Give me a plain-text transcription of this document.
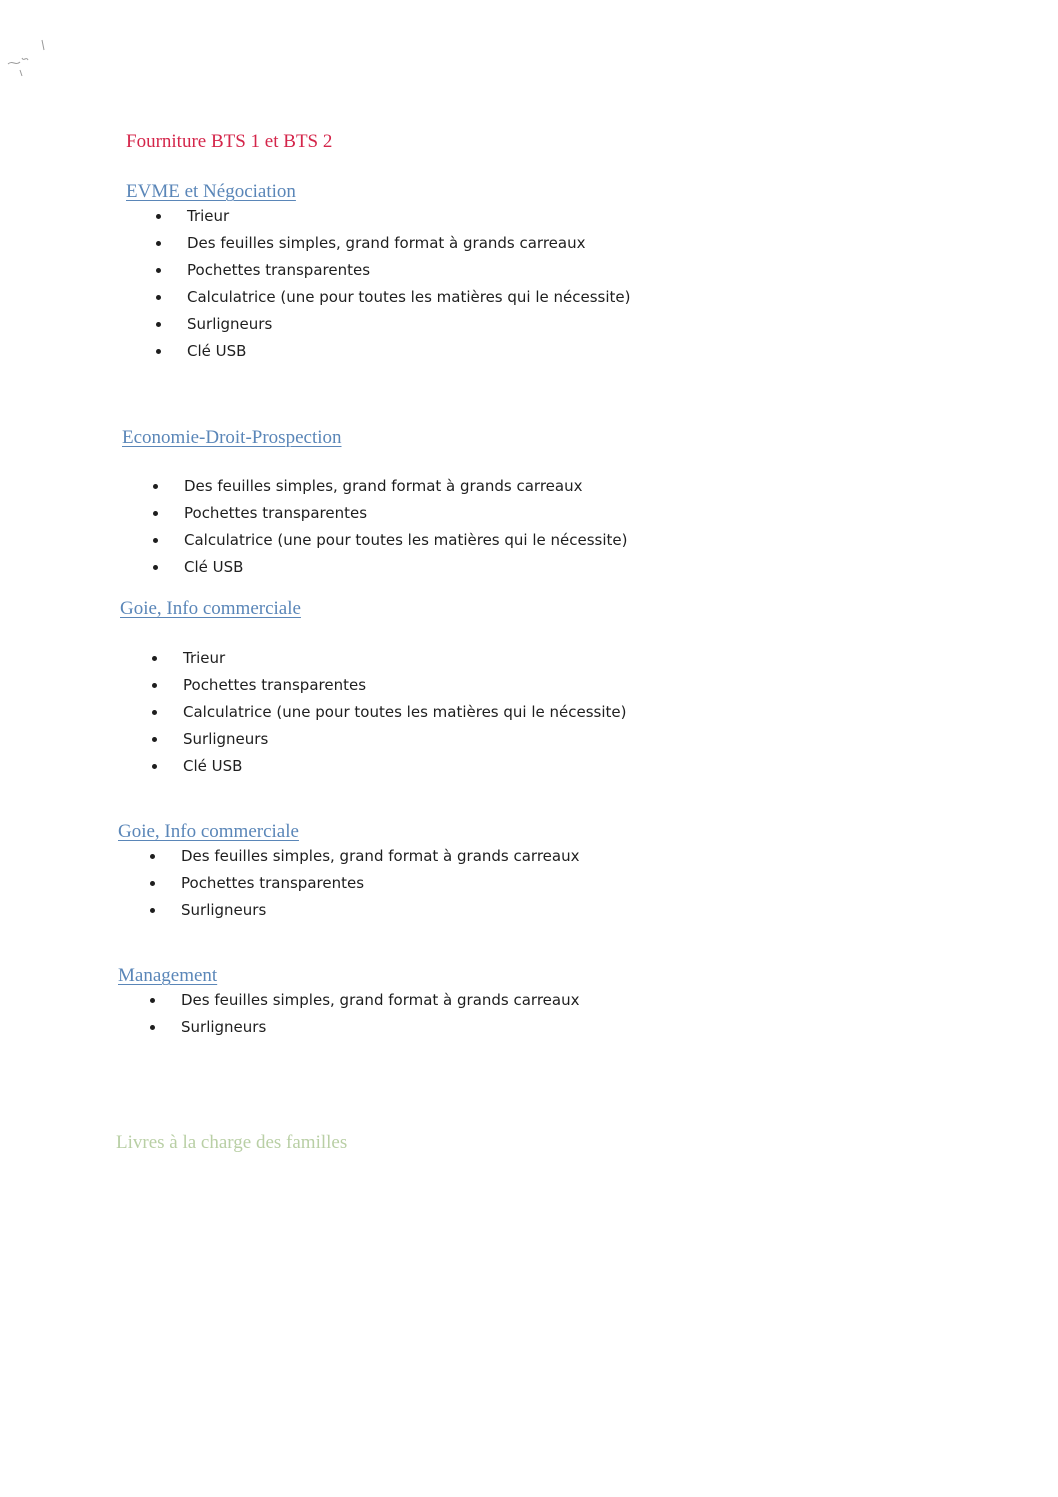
Fourniture BTS 1 et BTS 2
EVME et Négociation
Trieur
Des feuilles simples, grand format à grands carreaux
Pochettes transparentes
Calculatrice (une pour toutes les matières qui le nécessite)
Surligneurs
Clé USB
Economie-Droit-Prospection
Des feuilles simples, grand format à grands carreaux
Pochettes transparentes
Calculatrice (une pour toutes les matières qui le nécessite)
Clé USB
Goie, Info commerciale
Trieur
Pochettes transparentes
Calculatrice (une pour toutes les matières qui le nécessite)
Surligneurs
Clé USB
Goie, Info commerciale
Des feuilles simples, grand format à grands carreaux
Pochettes transparentes
Surligneurs
Management
Des feuilles simples, grand format à grands carreaux
Surligneurs
Livres à la charge des familles
